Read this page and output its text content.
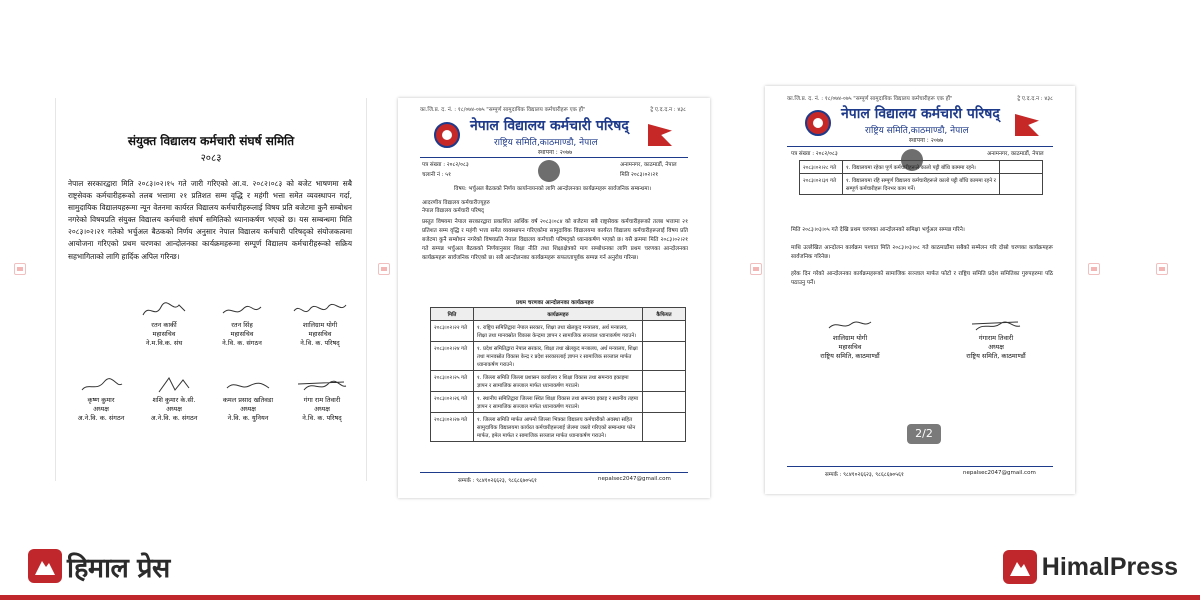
संयुक्त विद्यालय कर्मचारी संघर्ष समिति
२०८३
नेपाल सरकारद्वारा मिति २०८३।०२।१५ गते जारी गरिएको आ.व. २०८२।०८३ को बजेट भाषणमा सबै राष्ट्रसेवक कर्मचारीहरूको तलब भत्तामा २१ प्रतिशत सम्म वृद्धि र महंगी भत्ता समेत व्यवस्थापन गर्दा, सामुदायिक विद्यालयहरूमा न्यून वेतनमा कार्यरत विद्यालय कर्मचारीहरूलाई विषय प्रति बजेटमा कुनै सम्बोधन नगरेको विषयप्रति संयुक्त विद्यालय कर्मचारी संघर्ष समितिको ध्यानाकर्षण भएको छ। यस सम्बन्धमा मिति २०८३।०२।२१ गतेको भर्चुअल बैठकको निर्णय अनुसार नेपाल विद्यालय कर्मचारी परिषद्को संयोजकत्वमा आयोजना गरिएको प्रथम चरणका आन्दोलनका कार्यक्रमहरूमा सम्पूर्ण विद्यालय कर्मचारीहरूको सक्रिय सहभागिताको लागि हार्दिक अपिल गरिन्छ।
रतन कार्की
महासचिव
ने.म.वि.क. संघ
रतन सिंह
महासचिव
ने.वि. क. संगठन
शालिग्राम योगी
महासचिव
ने.वि. क. परिषद्
कृष्ण कुमार
अध्यक्ष
अ.ने.वि. क. संगठन
शशि कुमार के.सी.
अध्यक्ष
अ.ने.वि. क. संगठन
कमल प्रसाद खतिवडा
अध्यक्ष
ने.वि. क. युनियन
गंगा राम तिवारी
अध्यक्ष
ने.वि. क. परिषद्
का.जि.प्र. द. नं. : १८/०७४-०७५ "सम्पूर्ण सामुदायिक विद्यालय कर्मचारीहरू एक हौं"	ट्रे ए.द.द.न : ४३८
नेपाल विद्यालय कर्मचारी परिषद्
राष्ट्रिय समिति,काठमाण्डौ, नेपाल
स्थापना : २०७७
पत्र संख्या : २०८२/०८३	अनामनगर, काठमाडौं, नेपाल
चलानी नं : ५१	मिति २०८३।०२।२१
विषय: भर्चुअल बैठकको निर्णय कार्यान्वयनको लागि आन्दोलनका कार्यक्रमहरू सार्वजनिक सम्बन्धमा।
आदरणीय विद्यालय कर्मचारीज्यूहरु
नेपाल विद्यालय कर्मचारी परिषद्
प्रस्तुत विषयमा नेपाल सरकारद्वारा प्रकाशित आर्थिक वर्ष २०८३।०८४ को बजेटमा सबै राष्ट्रसेवक कर्मचारीहरूको तलब भत्तामा २१ प्रतिशत सम्म वृद्धि र महंगी भत्ता समेत व्यवस्थापन गरिएकोमा सामुदायिक विद्यालयमा कार्यरत विद्यालय कर्मचारीहरूलाई विषय प्रति बजेटमा कुनै सम्बोधन नगरेको विषयप्रति नेपाल विद्यालय कर्मचारी परिषद्को ध्यानाकर्षण भएको छ। यसै क्रममा मिति २०८३।०२।२१ गते सम्पन्न भर्चुअल बैठकको निर्णयानुसार शिक्षा नीति तथा शिक्षाक्षेत्रको माग सम्बोधनका लागि प्रथम चरणका आन्दोलनका कार्यक्रमहरू सार्वजनिक गरिएको छ। सबै आन्दोलनका कार्यक्रमहरू सफलतापूर्वक सम्पन्न गर्न अनुरोध गरिन्छ।
प्रथम चरणका आन्दोलनका कार्यक्रमहरु
मिति	कार्यक्रमहरु	कैफियत
२०८३।०२।२२ गते	१. राष्ट्रिय समितिद्वारा नेपाल सरकार, शिक्षा तथा खेलकुद मन्त्रालय, अर्थ मन्त्रालय, शिक्षा तथा मानवस्रोत विकास केन्द्रमा ज्ञापन र सामाजिक सञ्जाल ध्यानाकर्षण गराउने।	
२०८३।०२।२४ गते	१. प्रदेश समितिद्वारा नेपाल सरकार, शिक्षा तथा खेलकुद मन्त्रालय, अर्थ मन्त्रालय, शिक्षा तथा मानवस्रोत विकास केन्द्र र प्रदेश सरकारलाई ज्ञापन र सामाजिक सञ्जाल मार्फत ध्यानाकर्षण गराउने।	
२०८३।०२।२५ गते	१. जिल्ला समिति जिल्ला प्रशासन कार्यालय र शिक्षा विकास तथा समन्वय इकाइमा ज्ञापन र सामाजिक सञ्जाल मार्फत ध्यानाकर्षण गराउने।	
२०८३।०२।२६ गते	१. स्थानीय समितिद्वारा जिल्ला स्थित शिक्षा विकास तथा समन्वय इकाइ र स्थानीय तहमा ज्ञापन र सामाजिक सञ्जाल मार्फत ध्यानाकर्षण गराउने।	
२०८३।०२।२७ गते	१. जिल्ला समिति मार्फत आफ्नो जिल्ला भित्रका विद्यालय कर्मचारीको अवस्था सहित सामुदायिक विद्यालयमा कार्यरत कर्मचारीहरूलाई जेलमा जस्तो गरिएको सम्बन्धमा फोन मार्फत, इमेल मार्फत र सामाजिक सञ्जाल मार्फत ध्यानाकर्षण गराउने।	
सम्पर्क : ९८४१०२६६२३, ९८६८६७०५६१	nepalsec2047@gmail.com
का.जि.प्र. द. नं. : १८/०७४-०७५ "सम्पूर्ण सामुदायिक विद्यालय कर्मचारीहरू एक हौं"	ट्रे ए.द.द.न : ४३८
नेपाल विद्यालय कर्मचारी परिषद्
राष्ट्रिय समिति,काठमाण्डौ, नेपाल
स्थापना : २०७७
पत्र संख्या : २०८२/०८३	अनामनगर, काठमाडौं, नेपाल
२०८३।०२।२८ गते	१. विद्यालयमा रहेका पूर्ण कर्मचारीहरूले कालो पट्टी बाँधि काममा रहने।	
२०८३।०२।३१ गते	१. विद्यालयमा रहि सम्पूर्ण विद्यालय कर्मचारीहरूले कालो पट्टी बाँधि काममा रहने र सम्पूर्ण कर्मचारीहरू दिनभर काम गर्ने।	
मिति २०८३।०३।०५ गते देखि प्रथम चरणका आन्दोलनको समिक्षा भर्चुअल सम्पन्न गरिने।
माथि उल्लेखित आन्दोलन कार्यक्रम पश्चात मिति २०८३।०३।०८ गते काठमाडौंमा सबैको सम्मेलन गरि दोस्रो चरणका कार्यक्रमहरू सार्वजनिक गरिनेछ।
हरेक दिन गरेको आन्दोलनका कार्यक्रमहरूको सामाजिक सञ्जाल मार्फत फोटो र राष्ट्रिय समिति प्रदेश समितिका गुरुपहरुमा पठि पठाउनु पर्ने।
शालिग्राम योगी
महासचिव
राष्ट्रिय समिति, काठमाण्डौं
गंगाराम तिवारी
अध्यक्ष
राष्ट्रिय समिति, काठमाण्डौं
सम्पर्क : ९८४१०२६६२३, ९८६८६७०५६१	nepalsec2047@gmail.com
2/2
हिमाल प्रेस	HimalPress
